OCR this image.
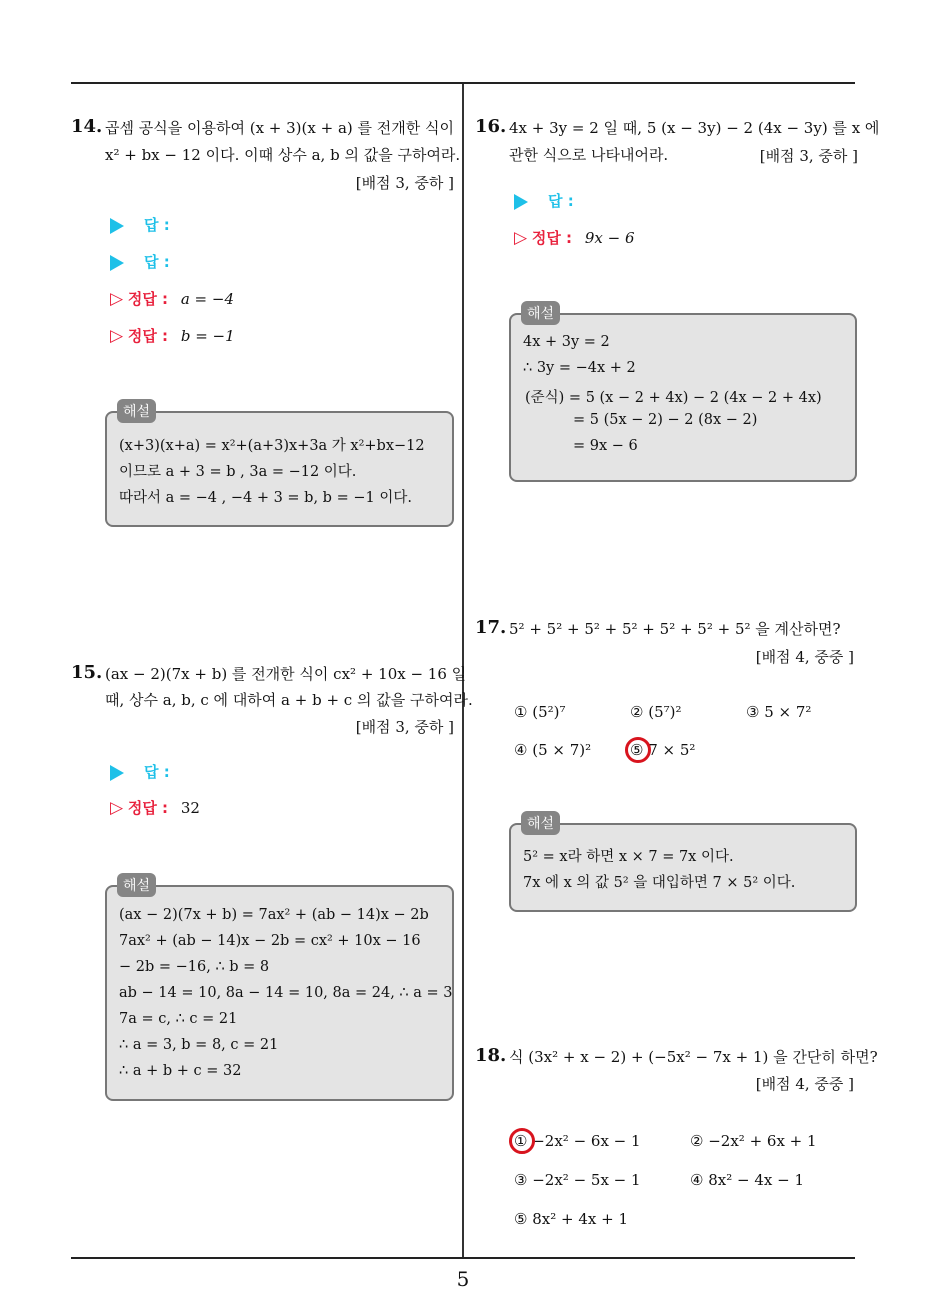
14. 곱셈 공식을 이용하여 (x + 3)(x + a) 를 전개한 식이
x² + bx − 12 이다. 이때 상수 a, b 의 값을 구하여라.
[배점 3, 중하 ]
답 :
답 :
▷ 정답 : a = −4
▷ 정답 : b = −1
해설
(x+3)(x+a) = x²+(a+3)x+3a 가 x²+bx−12
이므로 a + 3 = b , 3a = −12 이다.
따라서 a = −4 , −4 + 3 = b, b = −1 이다.
15. (ax − 2)(7x + b) 를 전개한 식이 cx² + 10x − 16 일
때, 상수 a, b, c 에 대하여 a + b + c 의 값을 구하여라.
[배점 3, 중하 ]
답 :
▷ 정답 : 32
해설
(ax − 2)(7x + b) = 7ax² + (ab − 14)x − 2b
7ax² + (ab − 14)x − 2b = cx² + 10x − 16
− 2b = −16, ∴ b = 8
ab − 14 = 10, 8a − 14 = 10, 8a = 24, ∴ a = 3
7a = c, ∴ c = 21
∴ a = 3, b = 8, c = 21
∴ a + b + c = 32
16. 4x + 3y = 2 일 때, 5 (x − 3y) − 2 (4x − 3y) 를 x 에
관한 식으로 나타내어라.	[배점 3, 중하 ]
답 :
▷ 정답 : 9x − 6
해설
4x + 3y = 2
∴ 3y = −4x + 2
(준식) = 5 (x − 2 + 4x) − 2 (4x − 2 + 4x)
= 5 (5x − 2) − 2 (8x − 2)
= 9x − 6
17. 5² + 5² + 5² + 5² + 5² + 5² + 5² 을 계산하면?
[배점 4, 중중 ]
① (5²)⁷	② (5⁷)²	③ 5 × 7²
④ (5 × 7)²	⑤ 7 × 5²
해설
5² = x라 하면 x × 7 = 7x 이다.
7x 에 x 의 값 5² 을 대입하면 7 × 5² 이다.
18. 식 (3x² + x − 2) + (−5x² − 7x + 1) 을 간단히 하면?
[배점 4, 중중 ]
① −2x² − 6x − 1	② −2x² + 6x + 1
③ −2x² − 5x − 1	④ 8x² − 4x − 1
⑤ 8x² + 4x + 1
5
